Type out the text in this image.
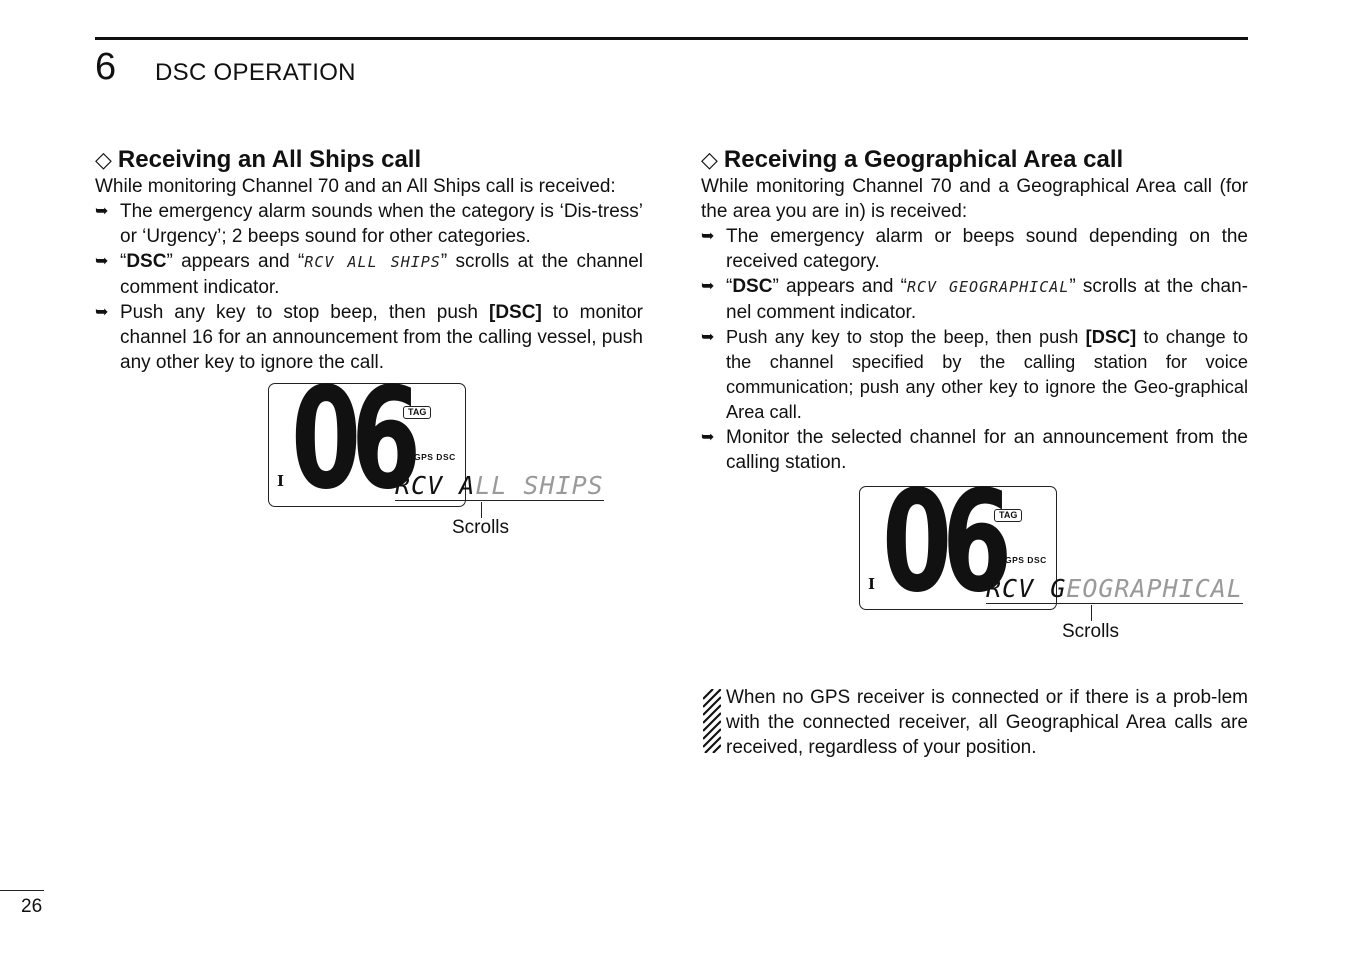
6 DSC OPERATION
◇ Receiving an All Ships call

While monitoring Channel 70 and an All Ships call is received:

➥ The emergency alarm sounds when the category is ‘Dis-tress’ or ‘Urgency’; 2 beeps sound for other categories.
➥ “DSC” appears and “RCV ALL SHIPS” scrolls at the channel comment indicator.
➥ Push any key to stop beep, then push [DSC] to monitor channel 16 for an announcement from the calling vessel, push any other key to ignore the call.
I 06
TAG
GPS DSC
RCV ALL SHIPS
Scrolls
◇ Receiving a Geographical Area call

While monitoring Channel 70 and a Geographical Area call (for the area you are in) is received:

➥ The emergency alarm or beeps sound depending on the received category.
➥ “DSC” appears and “RCV GEOGRAPHICAL” scrolls at the chan-nel comment indicator.
➥ Push any key to stop the beep, then push [DSC] to change to the channel specified by the calling station for voice communication; push any other key to ignore the Geo-graphical Area call.
➥ Monitor the selected channel for an announcement from the calling station.
I 06
TAG
GPS DSC
RCV GEOGRAPHICAL
Scrolls
When no GPS receiver is connected or if there is a prob-lem with the connected receiver, all Geographical Area calls are received, regardless of your position.
26
